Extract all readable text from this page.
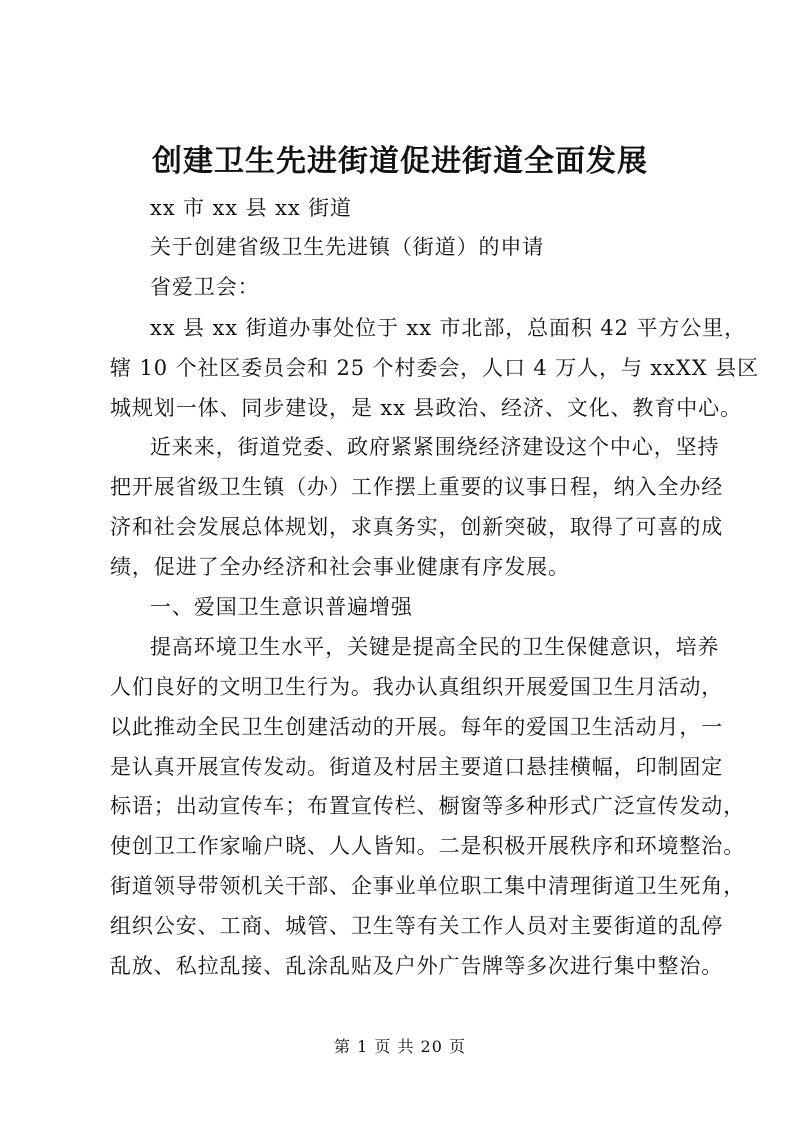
创建卫生先进街道促进街道全面发展
xx 市 xx 县 xx 街道
关于创建省级卫生先进镇（街道）的申请
省爱卫会：
xx 县 xx 街道办事处位于 xx 市北部，总面积 42 平方公里，
辖 10 个社区委员会和 25 个村委会，人口 4 万人，与 xxXX 县区
城规划一体、同步建设，是 xx 县政治、经济、文化、教育中心。
近来来，街道党委、政府紧紧围绕经济建设这个中心，坚持
把开展省级卫生镇（办）工作摆上重要的议事日程，纳入全办经
济和社会发展总体规划，求真务实，创新突破，取得了可喜的成
绩，促进了全办经济和社会事业健康有序发展。
一、爱国卫生意识普遍增强
提高环境卫生水平，关键是提高全民的卫生保健意识，培养
人们良好的文明卫生行为。我办认真组织开展爱国卫生月活动，
以此推动全民卫生创建活动的开展。每年的爱国卫生活动月，一
是认真开展宣传发动。街道及村居主要道口悬挂横幅，印制固定
标语；出动宣传车；布置宣传栏、橱窗等多种形式广泛宣传发动，
使创卫工作家喻户晓、人人皆知。二是积极开展秩序和环境整治。
街道领导带领机关干部、企事业单位职工集中清理街道卫生死角，
组织公安、工商、城管、卫生等有关工作人员对主要街道的乱停
乱放、私拉乱接、乱涂乱贴及户外广告牌等多次进行集中整治。
第 1 页 共 20 页
